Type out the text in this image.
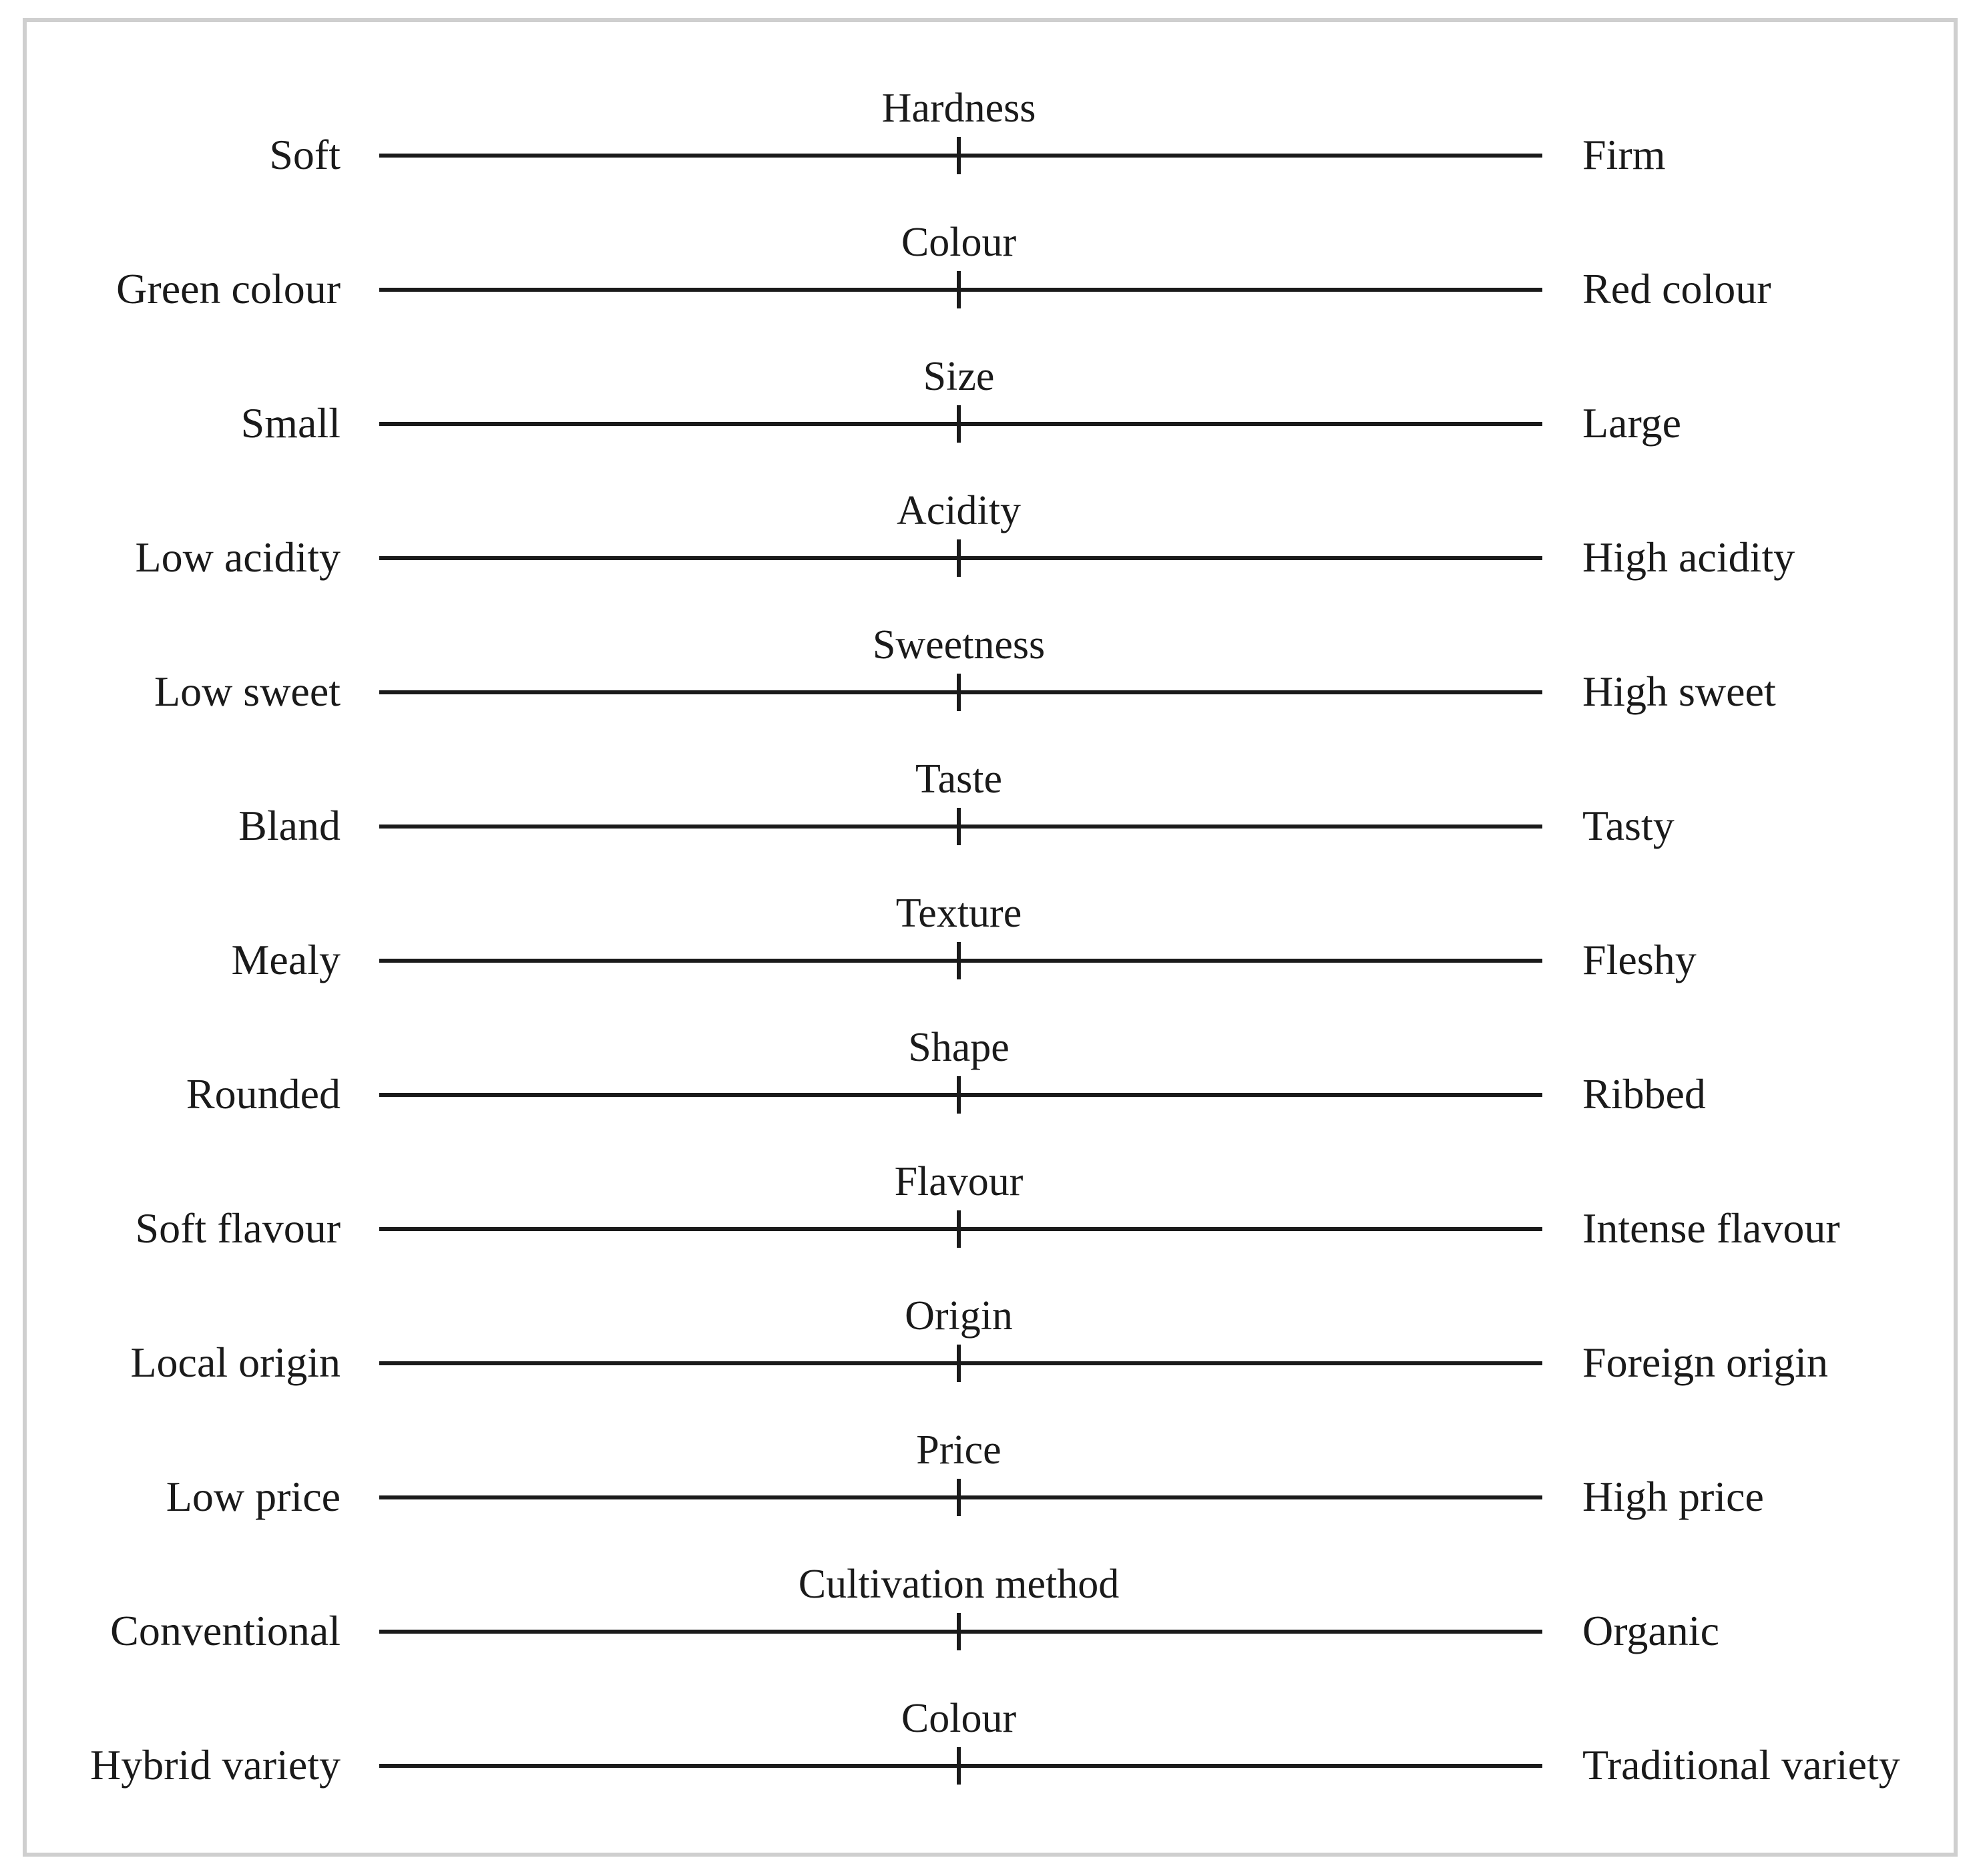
Hardness
Soft	Firm
Colour
Green colour	Red colour
Size
Small	Large
Acidity
Low acidity	High acidity
Sweetness
Low sweet	High sweet
Taste
Bland	Tasty
Texture
Mealy	Fleshy
Shape
Rounded	Ribbed
Flavour
Soft flavour	Intense flavour
Origin
Local origin	Foreign origin
Price
Low price	High price
Cultivation method
Conventional	Organic
Colour
Hybrid variety	Traditional variety
